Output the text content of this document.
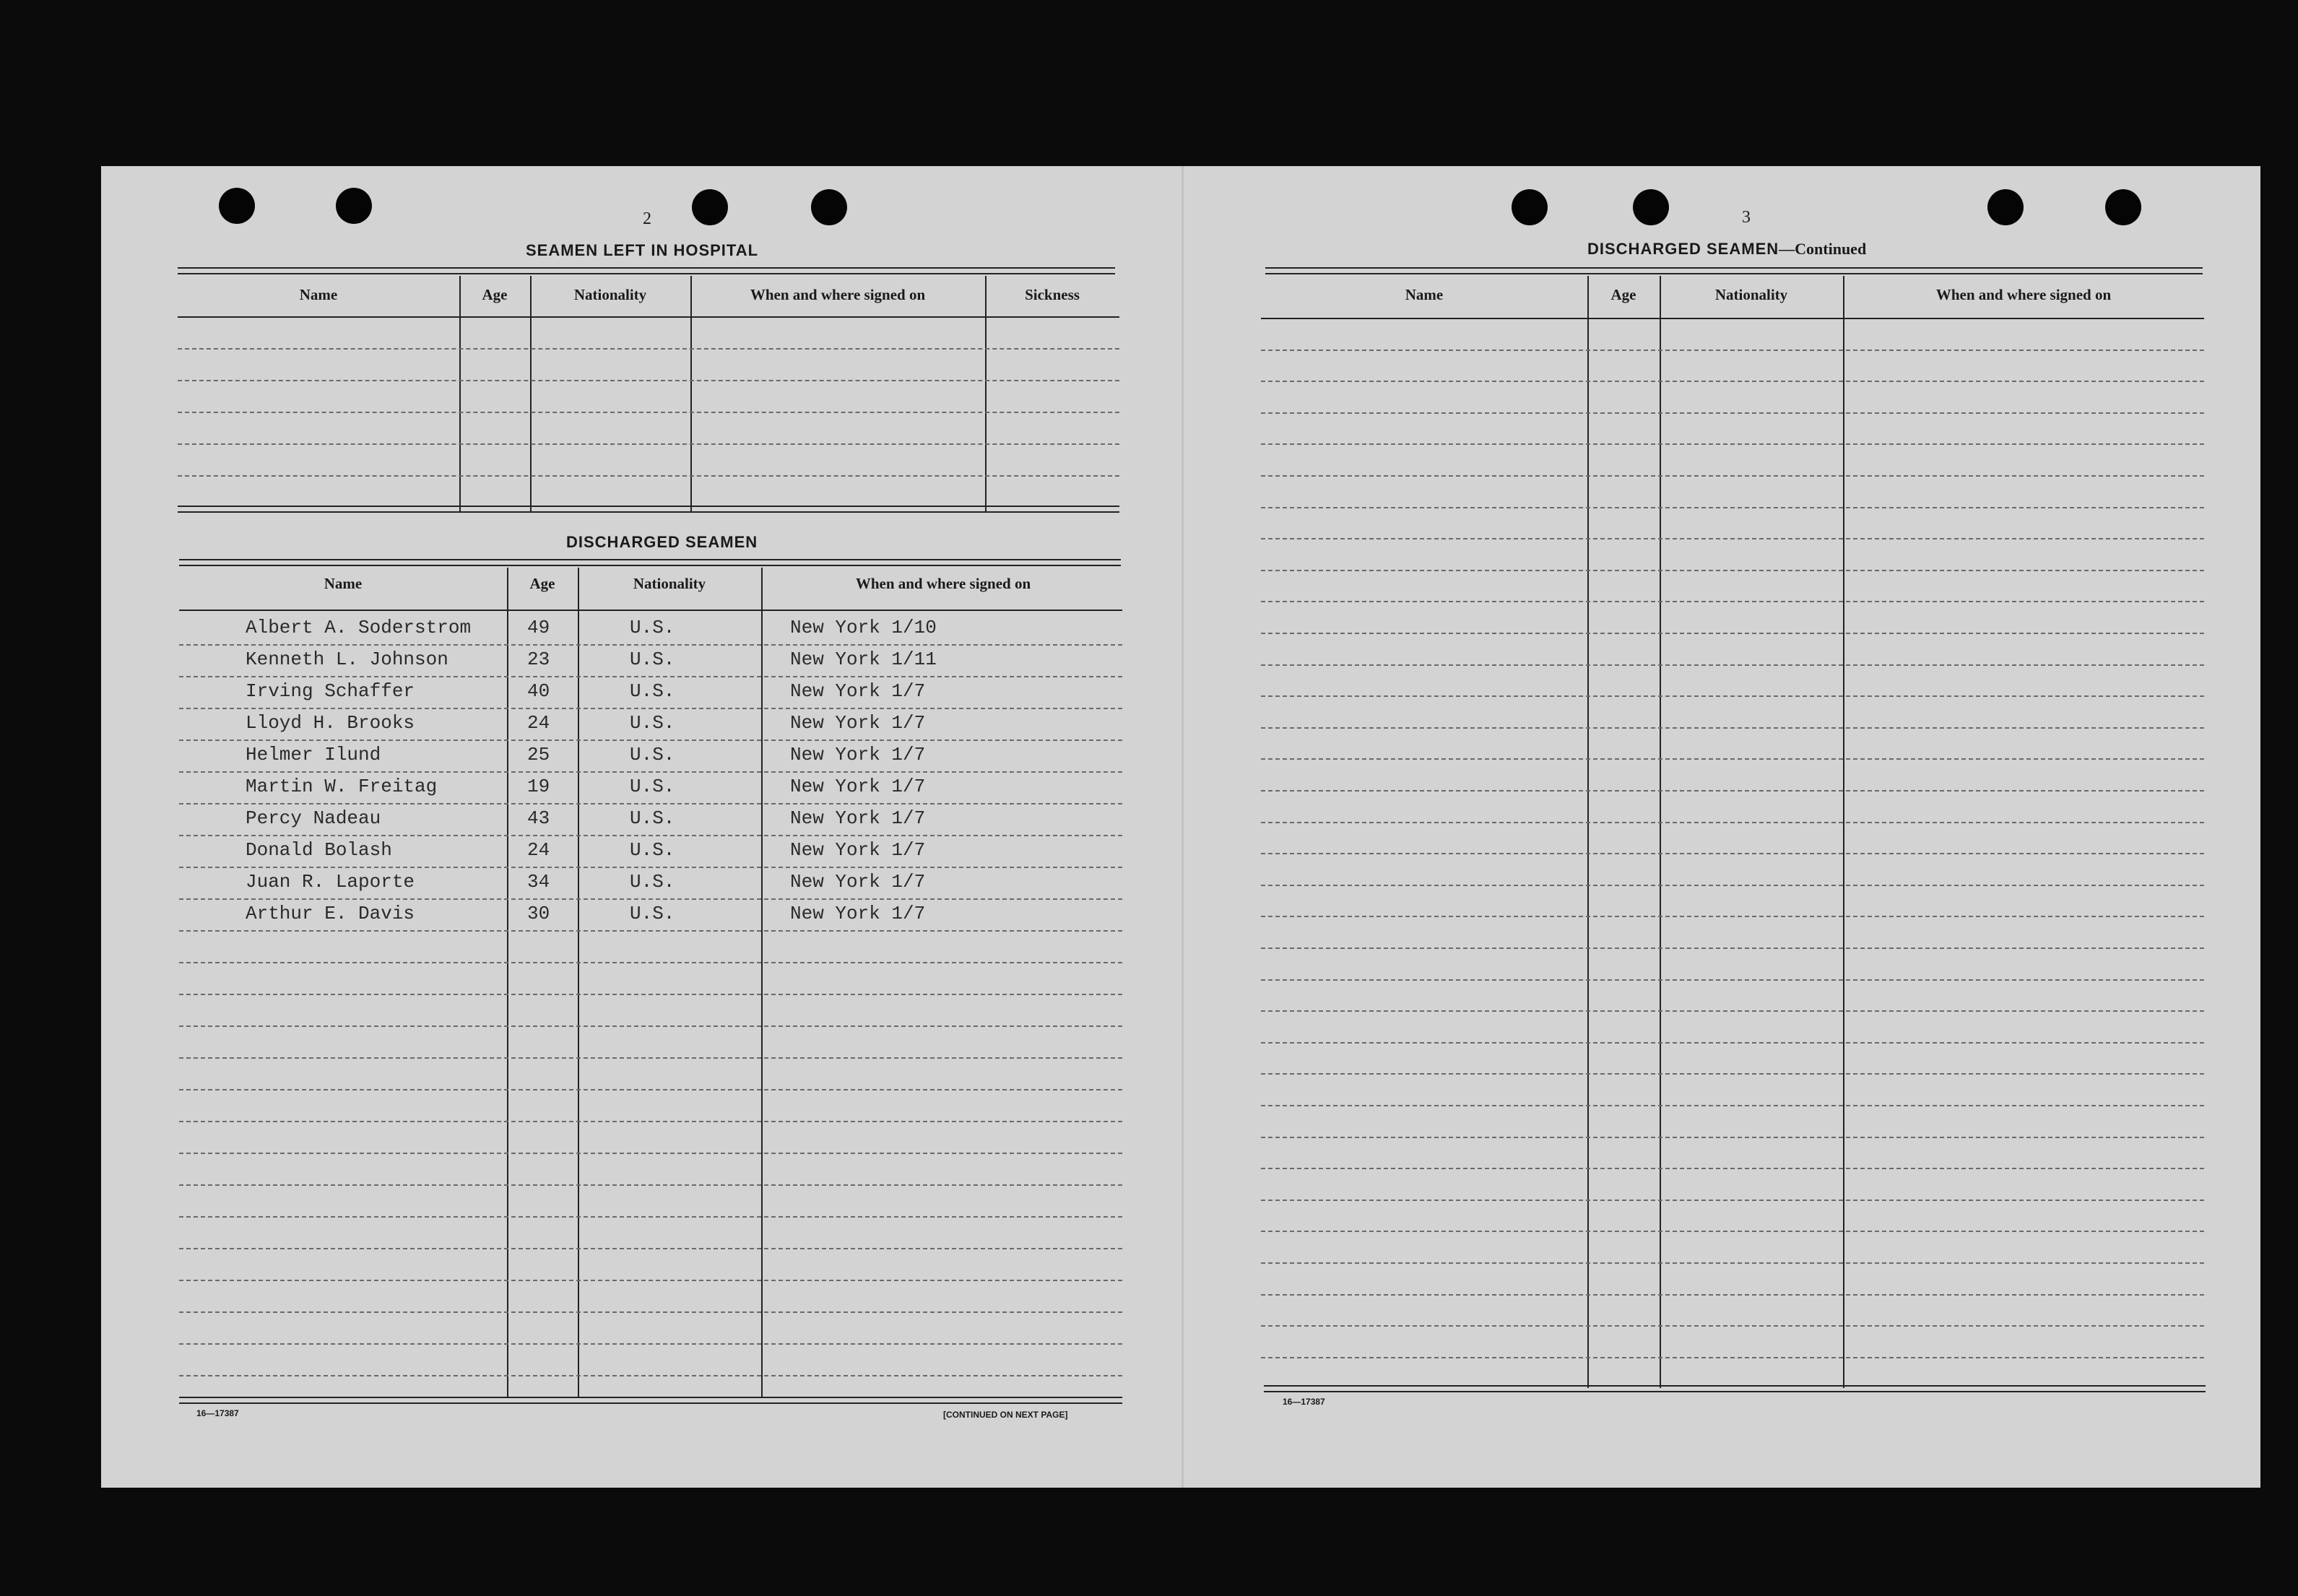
2
SEAMEN LEFT IN HOSPITAL
Name	Age	Nationality	When and where signed on	Sickness
DISCHARGED SEAMEN
Name	Age	Nationality	When and where signed on
Albert A. Soderstrom	49	U.S.	New York 1/10
Kenneth L. Johnson	23	U.S.	New York 1/11
Irving Schaffer	40	U.S.	New York 1/7
Lloyd H. Brooks	24	U.S.	New York 1/7
Helmer Ilund	25	U.S.	New York 1/7
Martin W. Freitag	19	U.S.	New York 1/7
Percy Nadeau	43	U.S.	New York 1/7
Donald Bolash	24	U.S.	New York 1/7
Juan R. Laporte	34	U.S.	New York 1/7
Arthur E. Davis	30	U.S.	New York 1/7
16—17387	[CONTINUED ON NEXT PAGE]
3
DISCHARGED SEAMEN—Continued
Name	Age	Nationality	When and where signed on
16—17387
